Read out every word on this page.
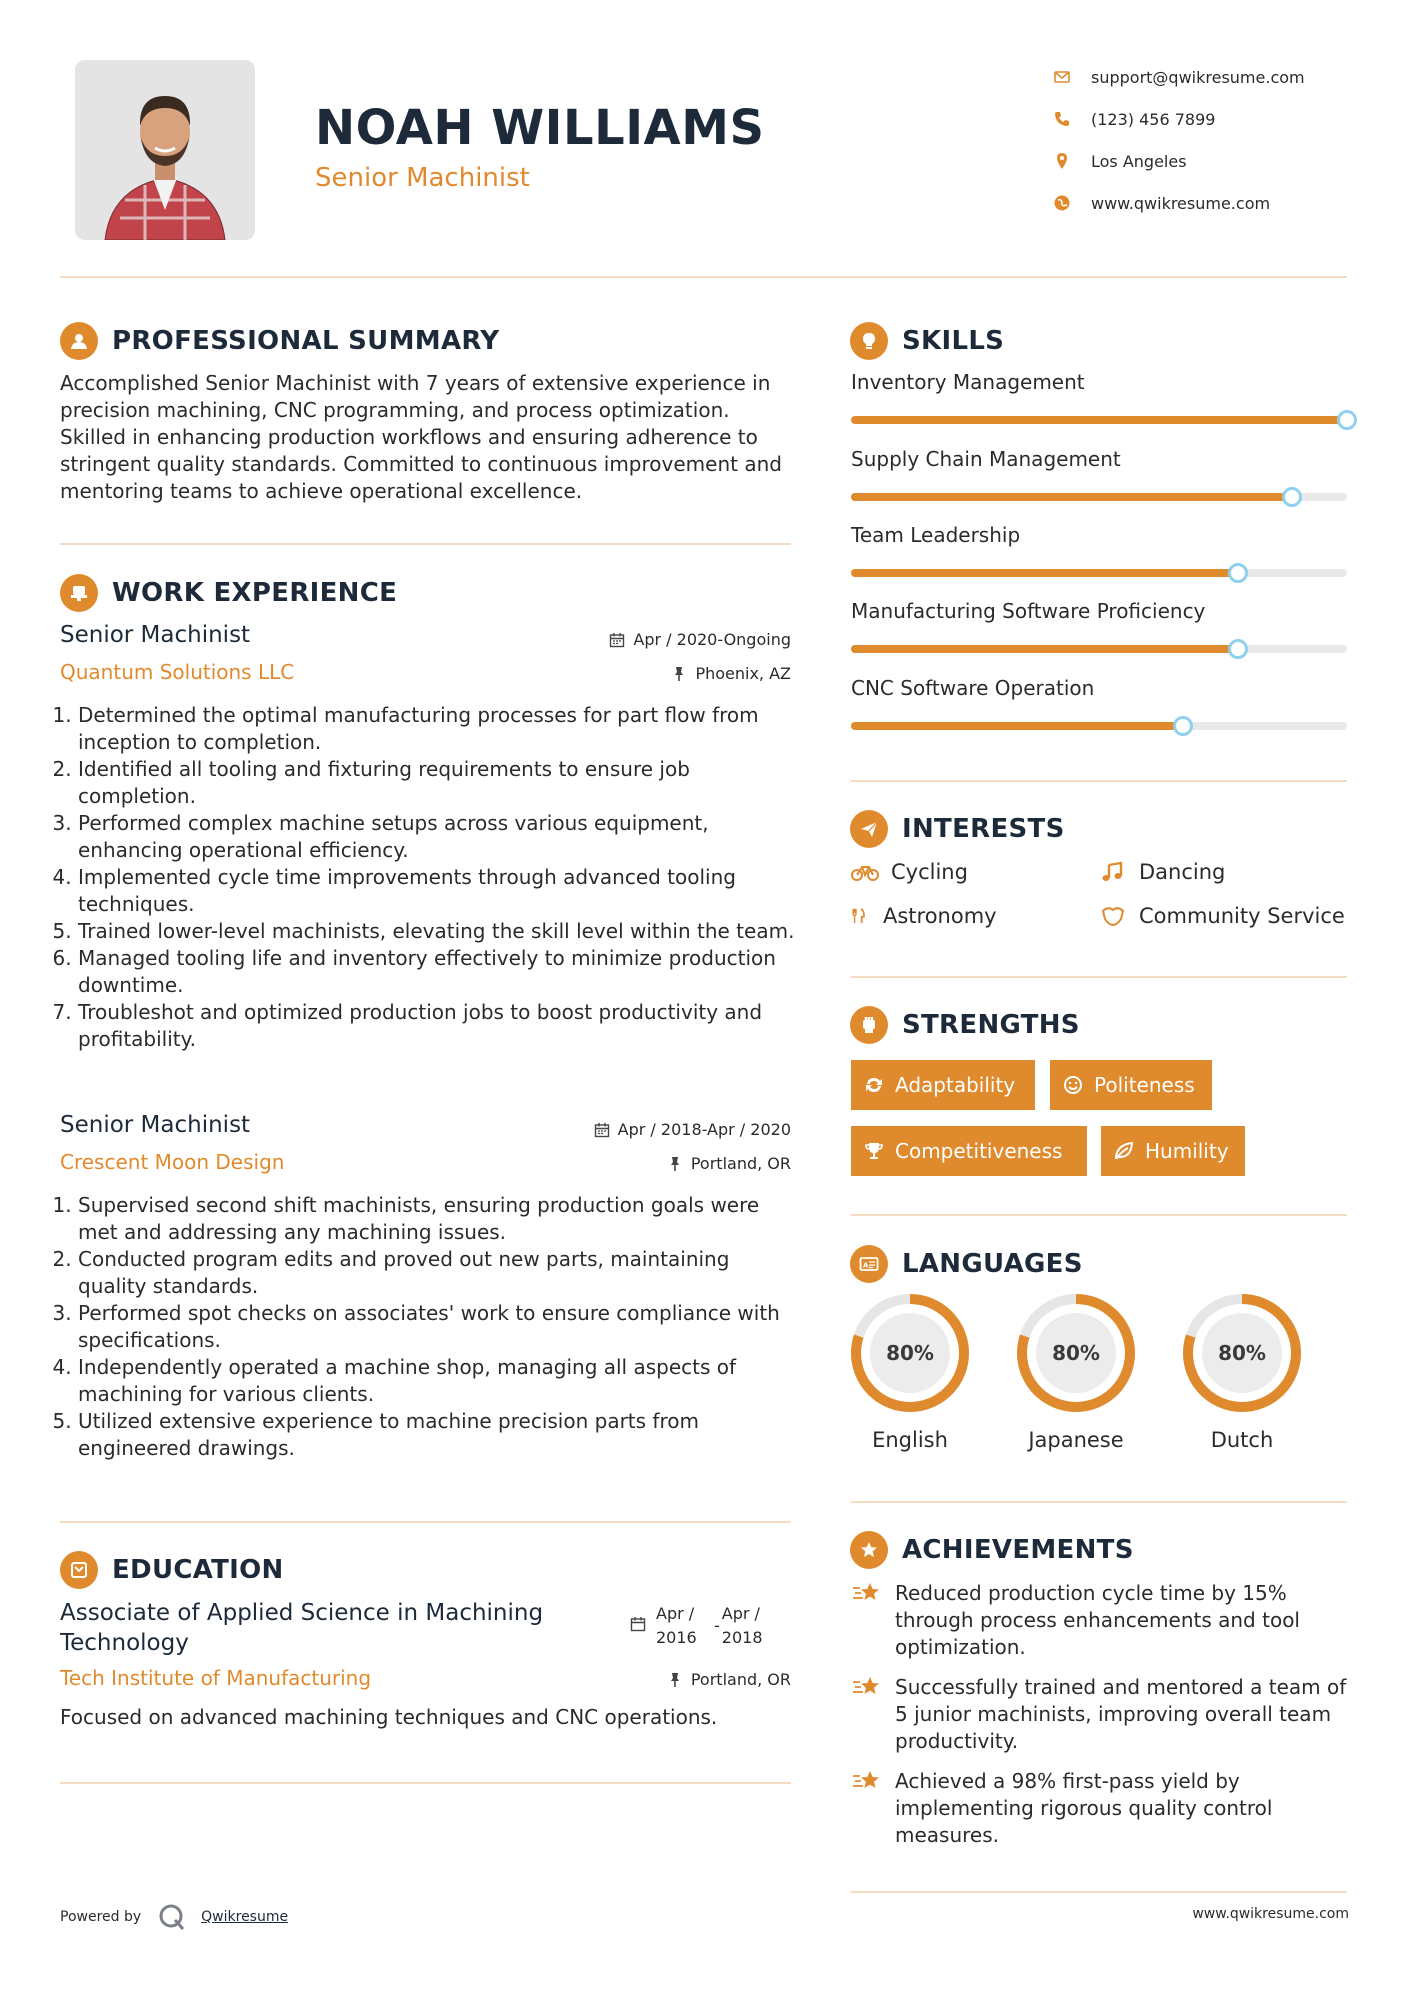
NOAH WILLIAMS
Senior Machinist
support@qwikresume.com
(123) 456 7899
Los Angeles
www.qwikresume.com
PROFESSIONAL SUMMARY
Accomplished Senior Machinist with 7 years of extensive experience in precision machining, CNC programming, and process optimization. Skilled in enhancing production workflows and ensuring adherence to stringent quality standards. Committed to continuous improvement and mentoring teams to achieve operational excellence.
WORK EXPERIENCE
Senior Machinist	Apr / 2020-Ongoing
Quantum Solutions LLC	Phoenix, AZ
1. Determined the optimal manufacturing processes for part flow from inception to completion.
2. Identified all tooling and fixturing requirements to ensure job completion.
3. Performed complex machine setups across various equipment, enhancing operational efficiency.
4. Implemented cycle time improvements through advanced tooling techniques.
5. Trained lower-level machinists, elevating the skill level within the team.
6. Managed tooling life and inventory effectively to minimize production downtime.
7. Troubleshot and optimized production jobs to boost productivity and profitability.
Senior Machinist	Apr / 2018-Apr / 2020
Crescent Moon Design	Portland, OR
1. Supervised second shift machinists, ensuring production goals were met and addressing any machining issues.
2. Conducted program edits and proved out new parts, maintaining quality standards.
3. Performed spot checks on associates' work to ensure compliance with specifications.
4. Independently operated a machine shop, managing all aspects of machining for various clients.
5. Utilized extensive experience to machine precision parts from engineered drawings.
EDUCATION
Associate of Applied Science in Machining Technology
Apr /
2016
-
Apr /
2018
Tech Institute of Manufacturing	Portland, OR
Focused on advanced machining techniques and CNC operations.
SKILLS
Inventory Management
Supply Chain Management
Team Leadership
Manufacturing Software Proficiency
CNC Software Operation
INTERESTS
Cycling	Dancing
Astronomy	Community Service
STRENGTHS
Adaptability	Politeness
Competitiveness	Humility
A LANGUAGES
80%
English
80%
Japanese
80%
Dutch
ACHIEVEMENTS
Reduced production cycle time by 15% through process enhancements and tool optimization.
Successfully trained and mentored a team of 5 junior machinists, improving overall team productivity.
Achieved a 98% first-pass yield by implementing rigorous quality control measures.
Powered by	Qwikresume	www.qwikresume.com
